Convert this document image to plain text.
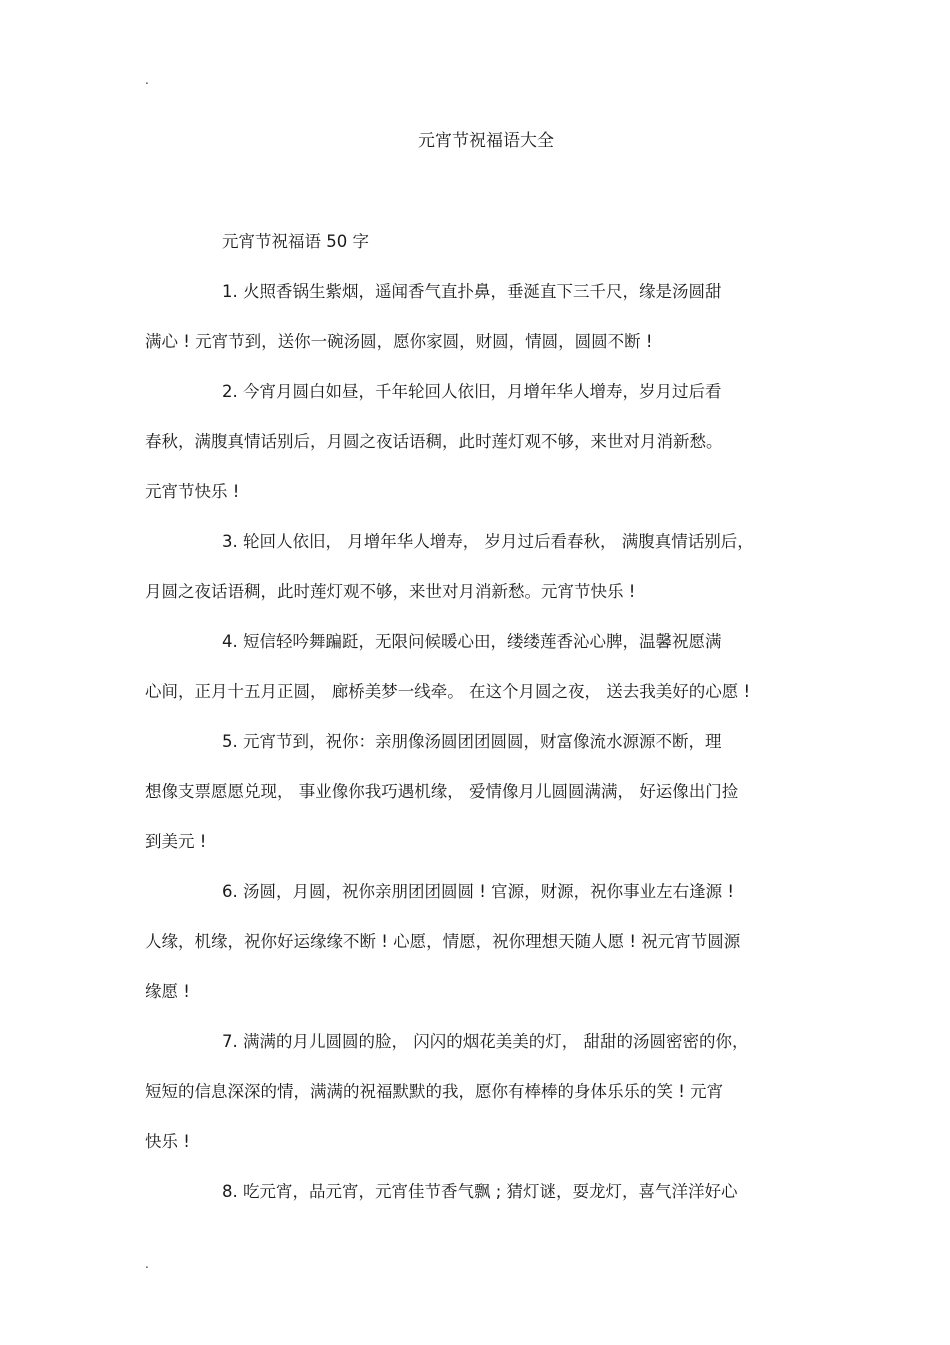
.
元宵节祝福语大全
元宵节祝福语 50 字
1. 火照香锅生紫烟，遥闻香气直扑鼻，垂涎直下三千尺，缘是汤圆甜
满心 ! 元宵节到，送你一碗汤圆，愿你家圆，财圆，情圆，圆圆不断 !
2. 今宵月圆白如昼，千年轮回人依旧，月增年华人增寿，岁月过后看
春秋，满腹真情话别后，月圆之夜话语稠，此时莲灯观不够，来世对月消新愁。
元宵节快乐 !
3. 轮回人依旧， 月增年华人增寿， 岁月过后看春秋， 满腹真情话别后，
月圆之夜话语稠，此时莲灯观不够，来世对月消新愁。元宵节快乐 !
4. 短信轻吟舞蹁跹，无限问候暖心田，缕缕莲香沁心脾，温馨祝愿满
心间，正月十五月正圆， 廊桥美梦一线牵。 在这个月圆之夜， 送去我美好的心愿 !
5. 元宵节到，祝你：亲朋像汤圆团团圆圆，财富像流水源源不断，理
想像支票愿愿兑现， 事业像你我巧遇机缘， 爱情像月儿圆圆满满， 好运像出门捡
到美元 !
6. 汤圆，月圆，祝你亲朋团团圆圆 ! 官源，财源，祝你事业左右逢源 !
人缘，机缘，祝你好运缘缘不断 ! 心愿，情愿，祝你理想天随人愿 ! 祝元宵节圆源
缘愿 !
7. 满满的月儿圆圆的脸， 闪闪的烟花美美的灯， 甜甜的汤圆密密的你，
短短的信息深深的情，满满的祝福默默的我，愿你有棒棒的身体乐乐的笑 ! 元宵
快乐 !
8. 吃元宵，品元宵，元宵佳节香气飘 ; 猜灯谜，耍龙灯，喜气洋洋好心
.
